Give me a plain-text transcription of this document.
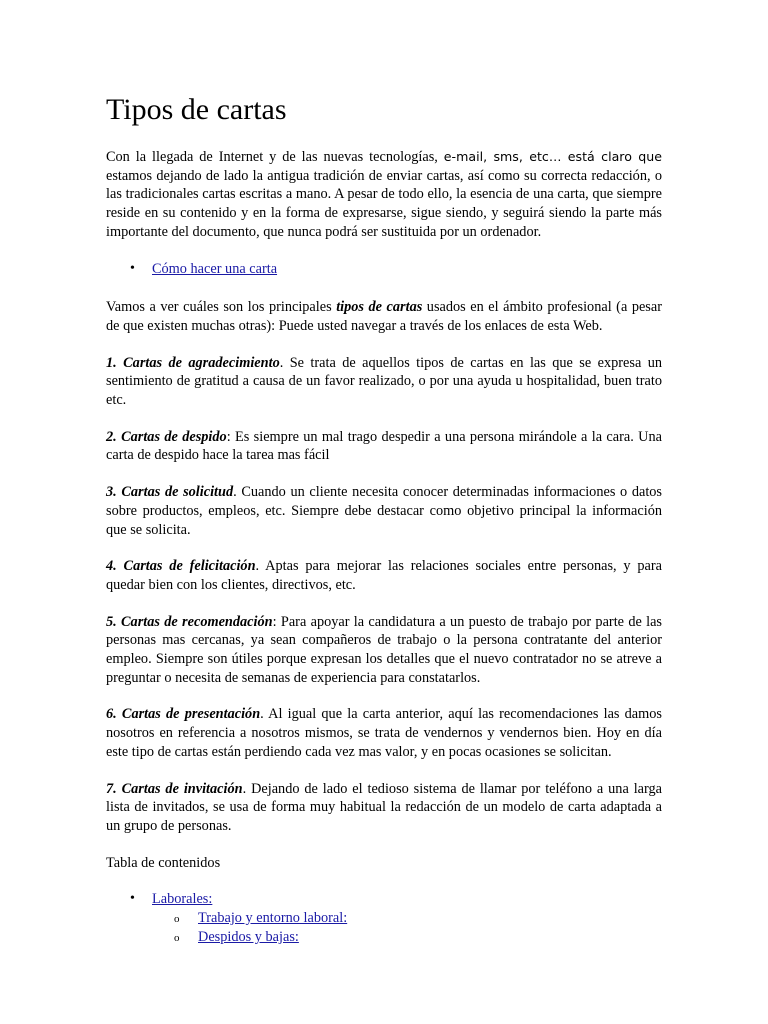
Tipos de cartas

Con la llegada de Internet y de las nuevas tecnologías, e-mail, sms, etc… está claro que estamos dejando de lado la antigua tradición de enviar cartas, así como su correcta redacción, o las tradicionales cartas escritas a mano. A pesar de todo ello, la esencia de una carta, que siempre reside en su contenido y en la forma de expresarse, sigue siendo, y seguirá siendo la parte más importante del documento, que nunca podrá ser sustituida por un ordenador.

• Cómo hacer una carta

Vamos a ver cuáles son los principales tipos de cartas usados en el ámbito profesional (a pesar de que existen muchas otras): Puede usted navegar a través de los enlaces de esta Web.

1. Cartas de agradecimiento. Se trata de aquellos tipos de cartas en las que se expresa un sentimiento de gratitud a causa de un favor realizado, o por una ayuda u hospitalidad, buen trato etc.

2. Cartas de despido: Es siempre un mal trago despedir a una persona mirándole a la cara. Una carta de despido hace la tarea mas fácil

3. Cartas de solicitud. Cuando un cliente necesita conocer determinadas informaciones o datos sobre productos, empleos, etc. Siempre debe destacar como objetivo principal la información que se solicita.

4. Cartas de felicitación. Aptas para mejorar las relaciones sociales entre personas, y para quedar bien con los clientes, directivos, etc.

5. Cartas de recomendación: Para apoyar la candidatura a un puesto de trabajo por parte de las personas mas cercanas, ya sean compañeros de trabajo o la persona contratante del anterior empleo. Siempre son útiles porque expresan los detalles que el nuevo contratador no se atreve a preguntar o necesita de semanas de experiencia para constatarlos.

6. Cartas de presentación. Al igual que la carta anterior, aquí las recomendaciones las damos nosotros en referencia a nosotros mismos, se trata de vendernos y vendernos bien. Hoy en día este tipo de cartas están perdiendo cada vez mas valor, y en pocas ocasiones se solicitan.

7. Cartas de invitación. Dejando de lado el tedioso sistema de llamar por teléfono a una larga lista de invitados, se usa de forma muy habitual la redacción de un modelo de carta adaptada a un grupo de personas.

Tabla de contenidos

• Laborales:
o Trabajo y entorno laboral:
o Despidos y bajas:
